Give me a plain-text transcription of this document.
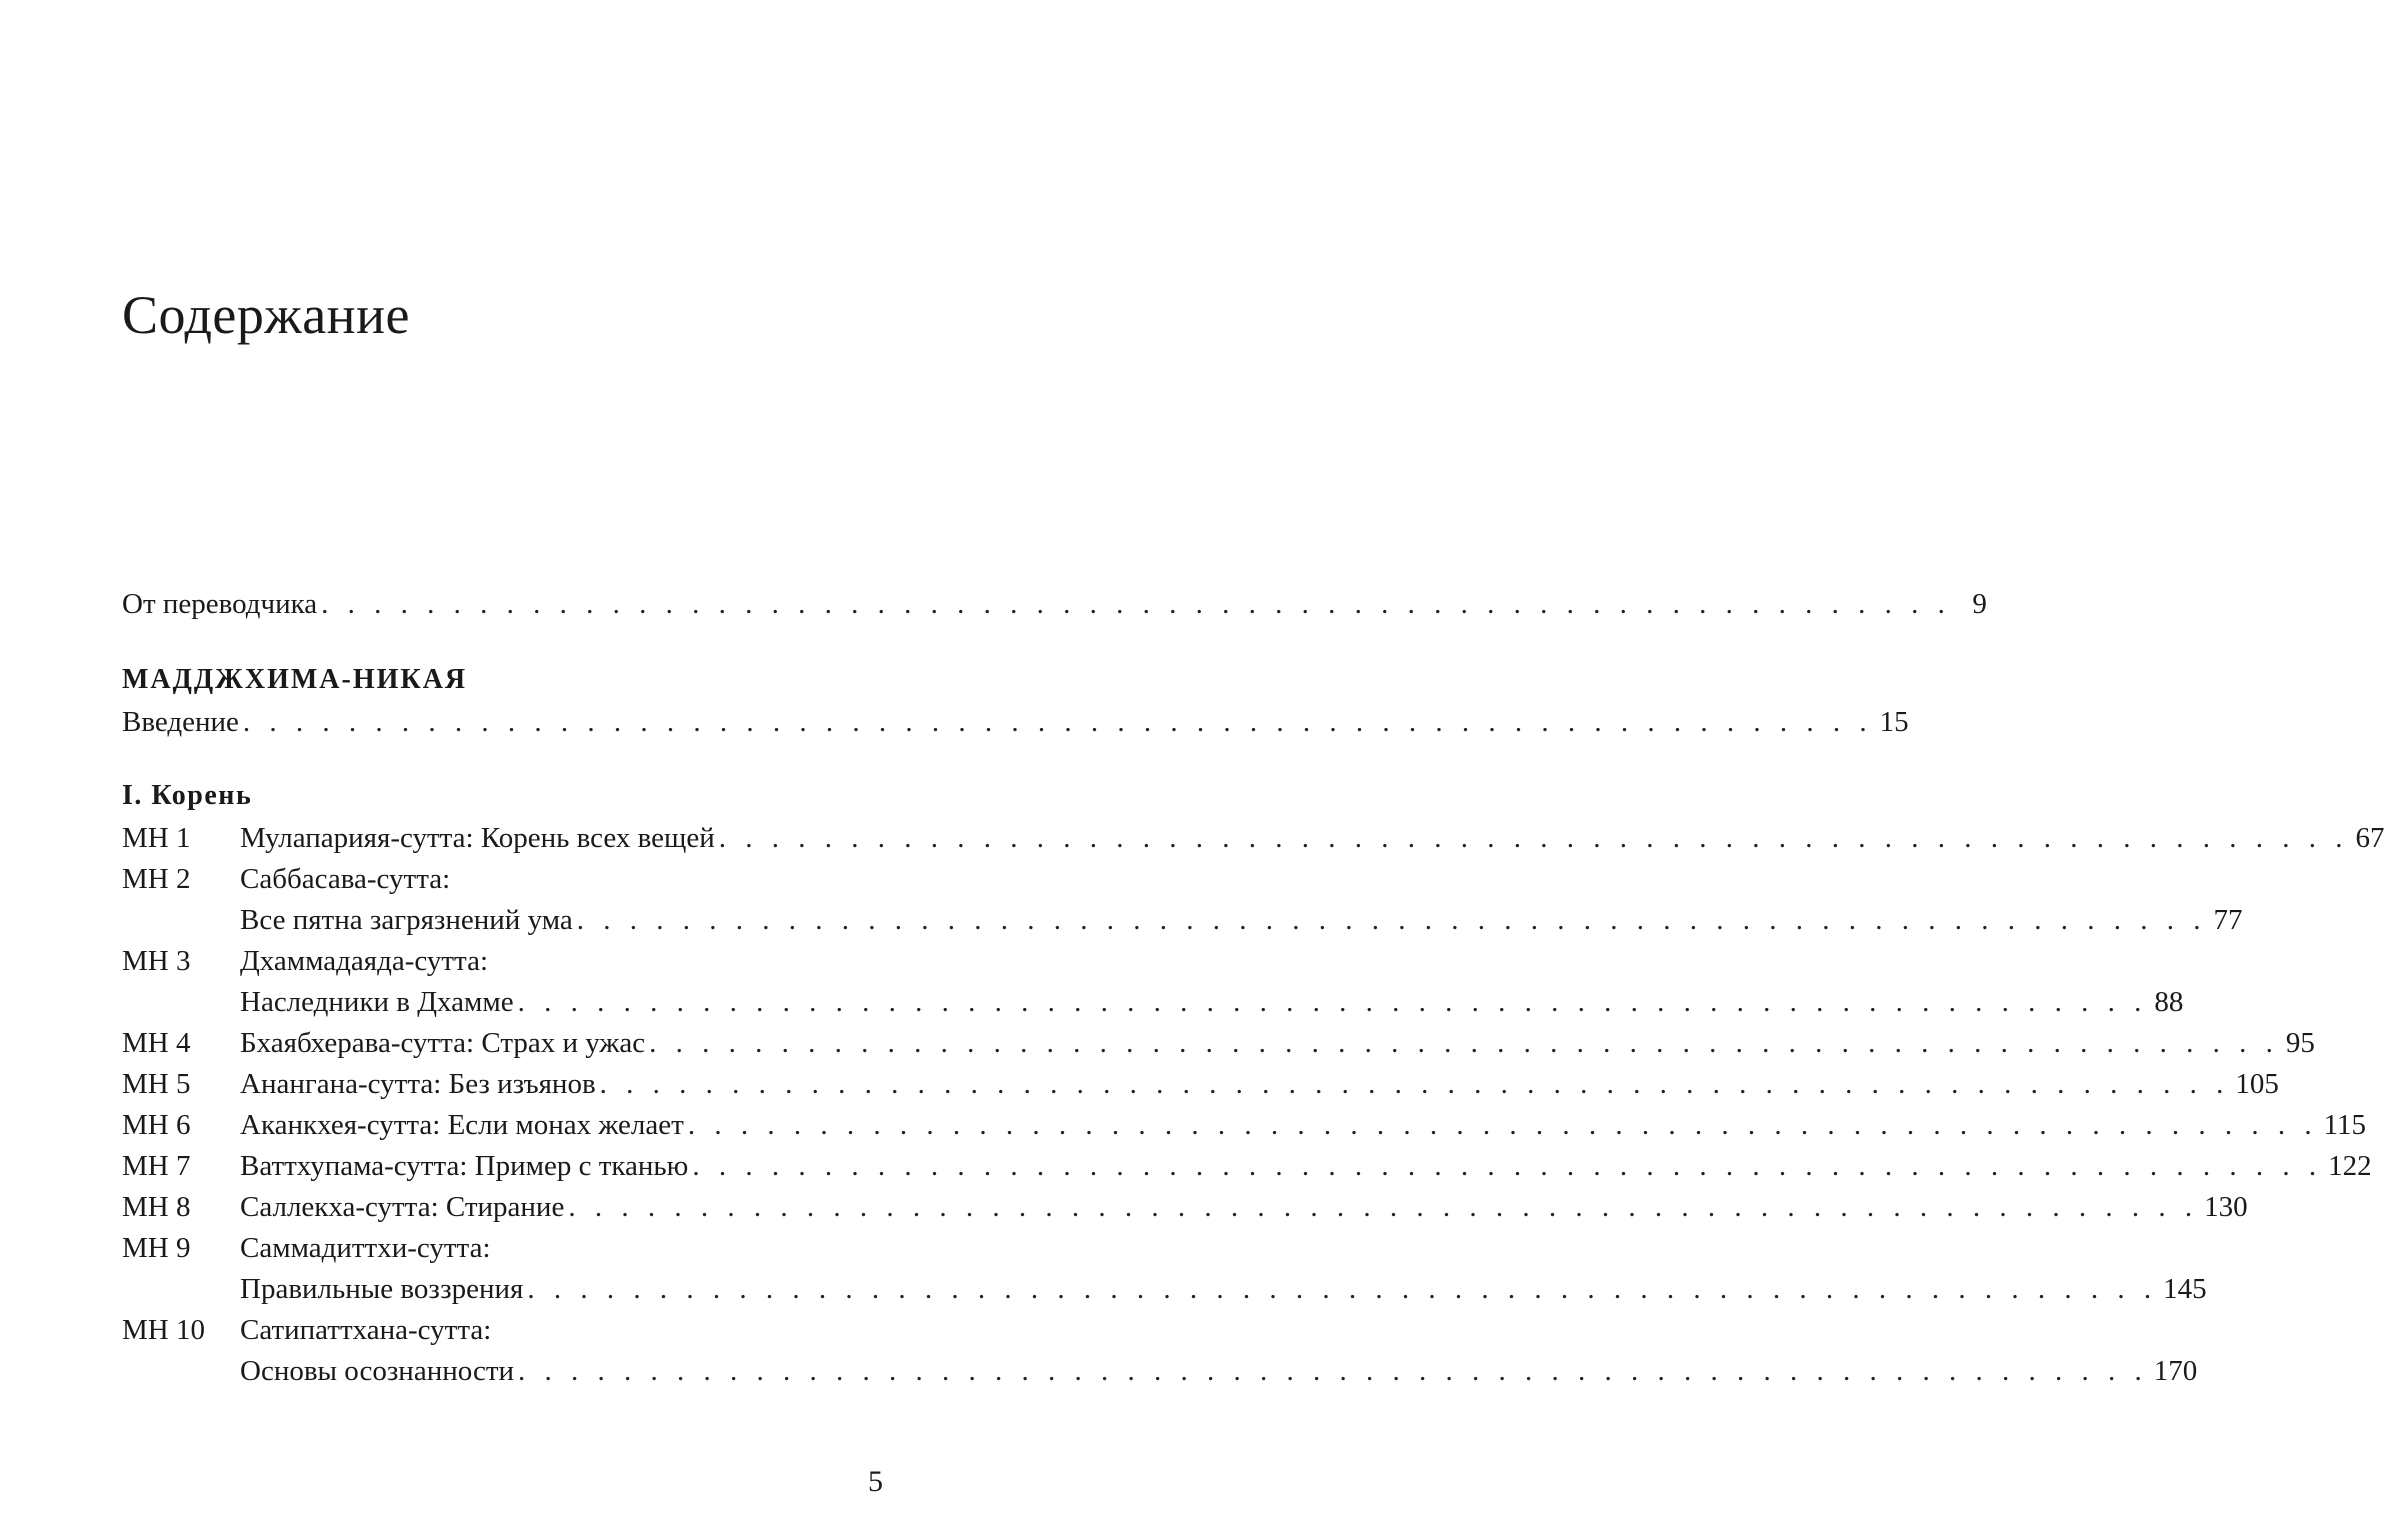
Содержание
От переводчика . . . . . . . . . . . . . . . . . . . . . . . . . . . . . . . . . . . . . . . . . . . . . . . . . . . . . . . . . . . . . . 9
МАДДЖХИМА-НИКАЯ
Введение . . . . . . . . . . . . . . . . . . . . . . . . . . . . . . . . . . . . . . . . . . . . . . . . . . . . . . . . . . . . . . 15
I. Корень
МН 1 Мулапарияя-сутта: Корень всех вещей . . . . . . . . . . . . . . . . . . . . . . . . . . . . . . . . . . . . . . . . . . . . . . . . . . . . . . . . . . . . . . 67
МН 2 Саббасава-сутта:
Все пятна загрязнений ума . . . . . . . . . . . . . . . . . . . . . . . . . . . . . . . . . . . . . . . . . . . . . . . . . . . . . . . . . . . . . . 77
МН 3 Дхаммадаяда-сутта:
Наследники в Дхамме . . . . . . . . . . . . . . . . . . . . . . . . . . . . . . . . . . . . . . . . . . . . . . . . . . . . . . . . . . . . . . 88
МН 4 Бхаябхерава-сутта: Страх и ужас . . . . . . . . . . . . . . . . . . . . . . . . . . . . . . . . . . . . . . . . . . . . . . . . . . . . . . . . . . . . . . 95
МН 5 Анангана-сутта: Без изъянов . . . . . . . . . . . . . . . . . . . . . . . . . . . . . . . . . . . . . . . . . . . . . . . . . . . . . . . . . . . . . . 105
МН 6 Аканкхея-сутта: Если монах желает . . . . . . . . . . . . . . . . . . . . . . . . . . . . . . . . . . . . . . . . . . . . . . . . . . . . . . . . . . . . . . 115
МН 7 Ваттхупама-сутта: Пример с тканью . . . . . . . . . . . . . . . . . . . . . . . . . . . . . . . . . . . . . . . . . . . . . . . . . . . . . . . . . . . . . . 122
МН 8 Саллекха-сутта: Стирание . . . . . . . . . . . . . . . . . . . . . . . . . . . . . . . . . . . . . . . . . . . . . . . . . . . . . . . . . . . . . . 130
МН 9 Саммадиттхи-сутта:
Правильные воззрения . . . . . . . . . . . . . . . . . . . . . . . . . . . . . . . . . . . . . . . . . . . . . . . . . . . . . . . . . . . . . . 145
МН 10 Сатипаттхана-сутта:
Основы осознанности . . . . . . . . . . . . . . . . . . . . . . . . . . . . . . . . . . . . . . . . . . . . . . . . . . . . . . . . . . . . . . 170
5
